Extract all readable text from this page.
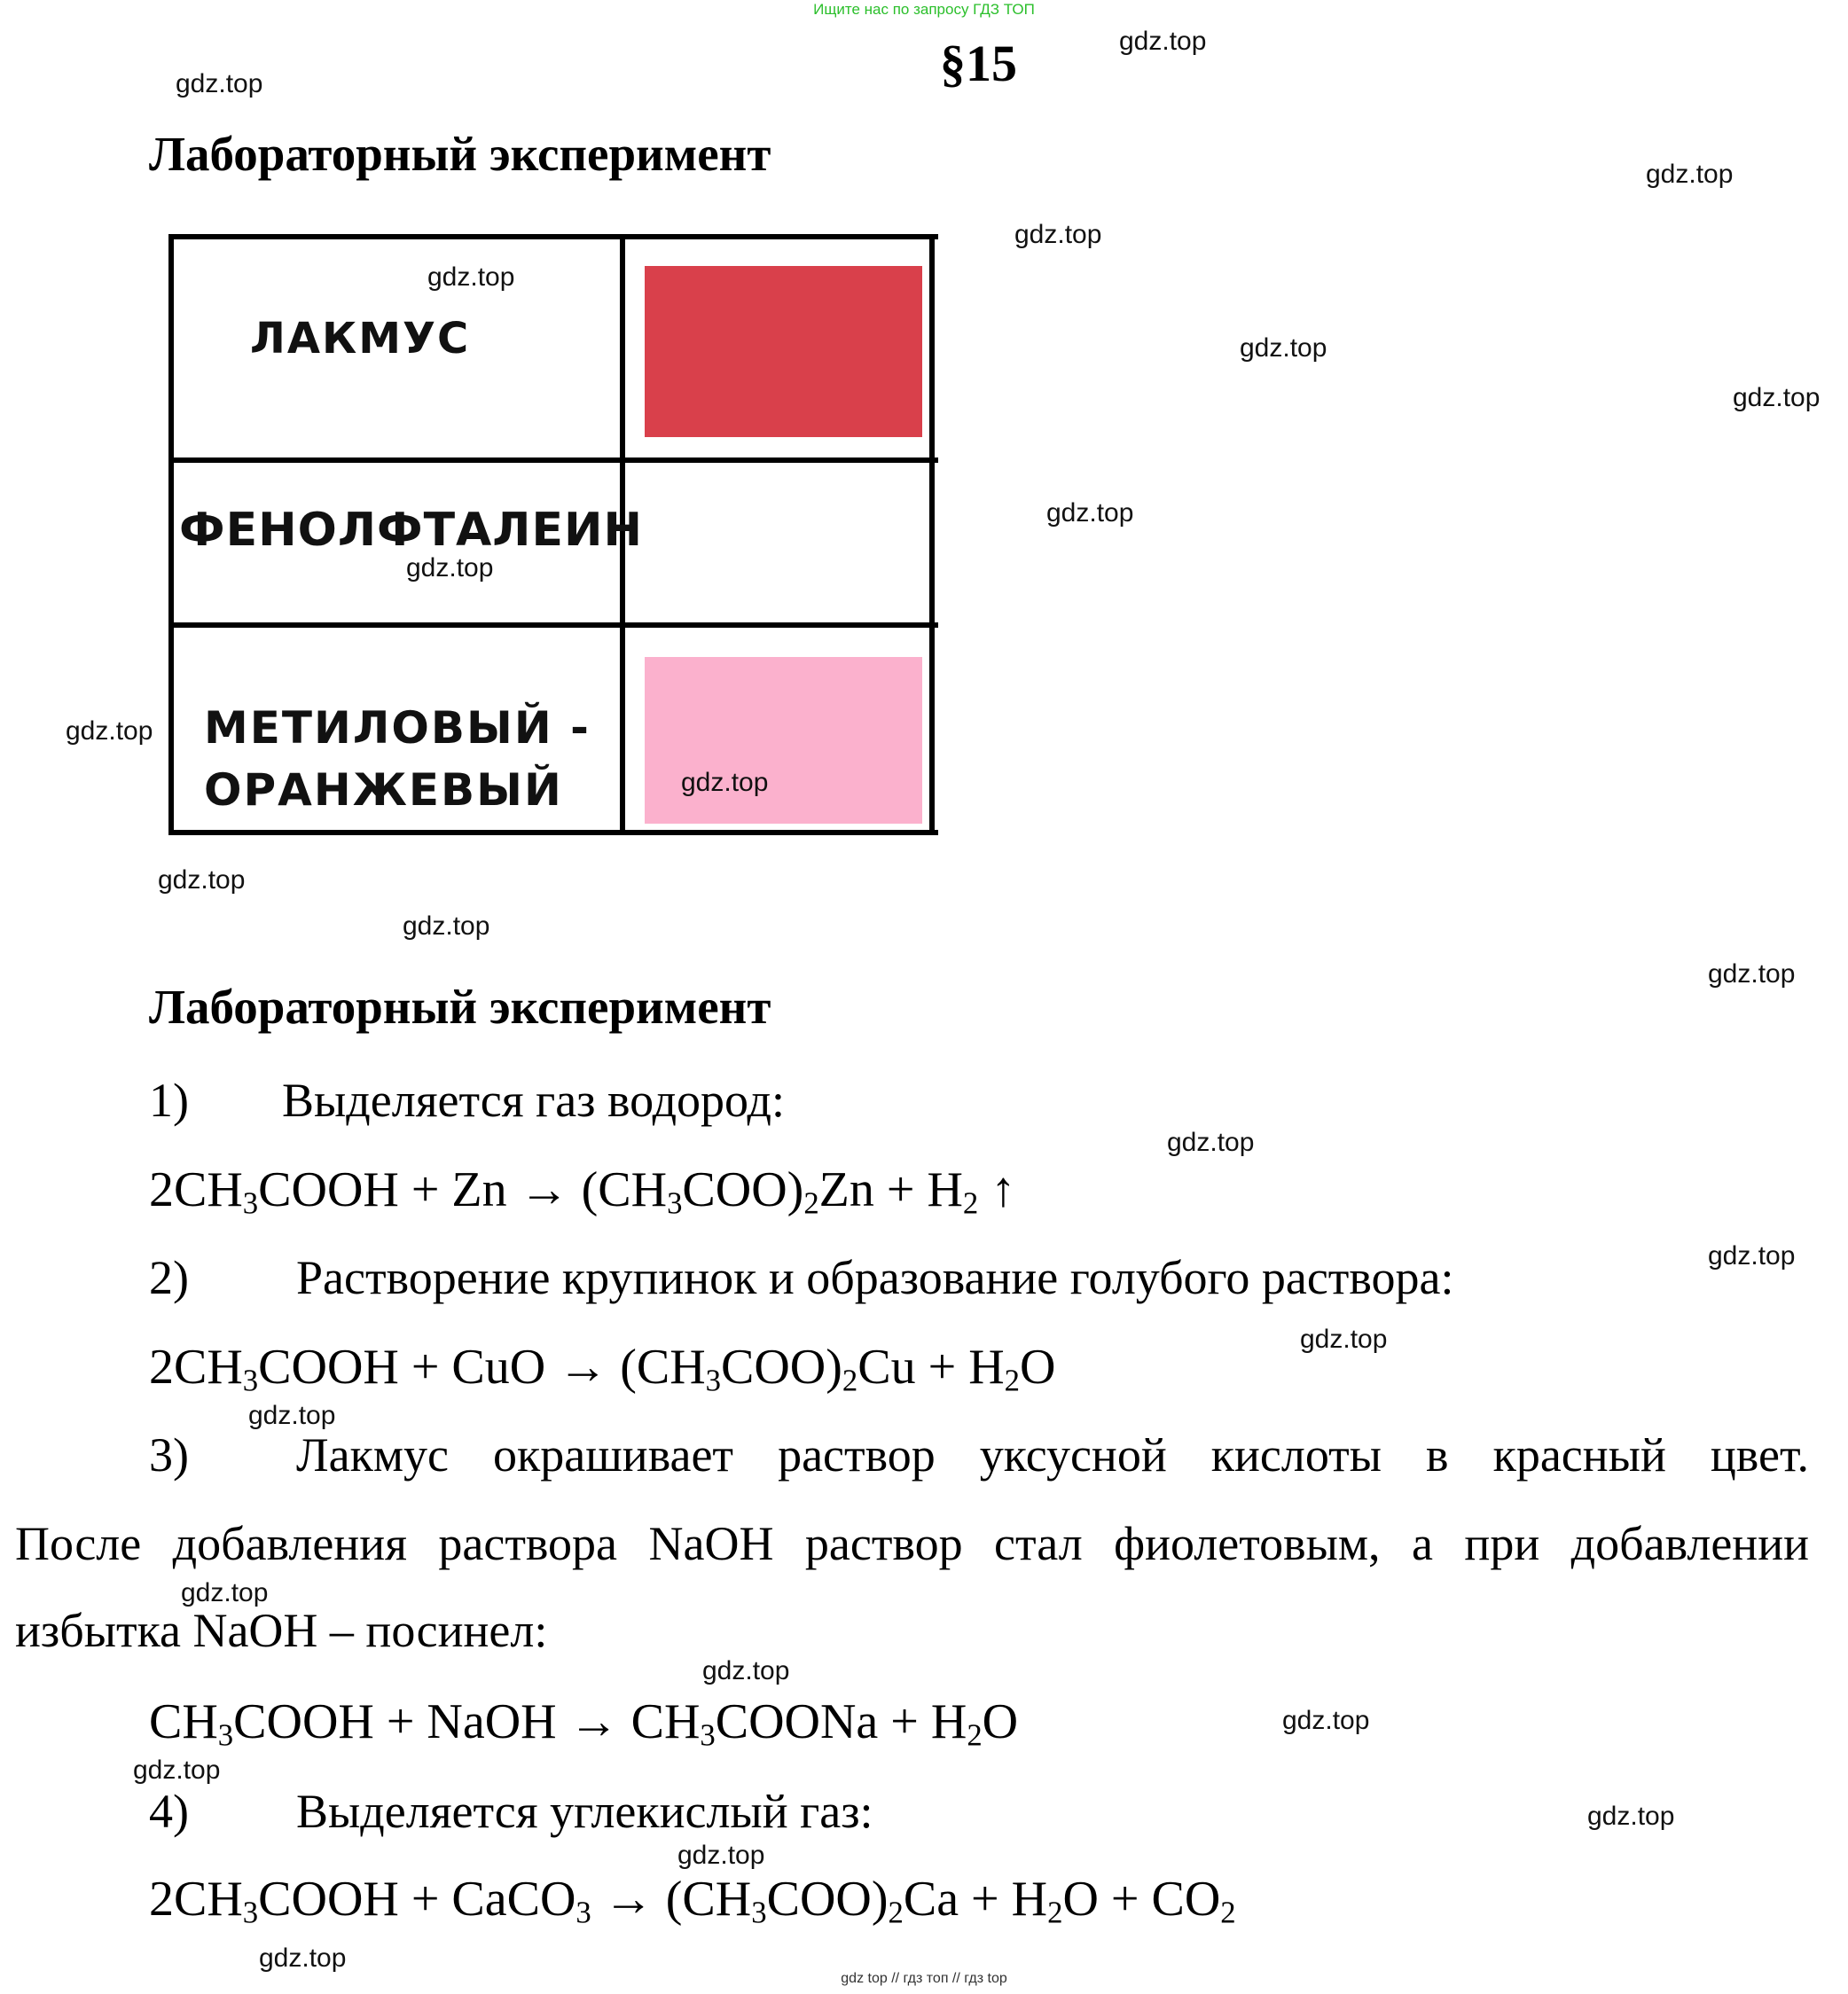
Ищите нас по запросу ГДЗ ТОП
§15
Лабораторный эксперимент
ЛАКМУС
ФЕНОЛФТАЛЕИН
МЕТИЛОВЫЙ -
ОРАНЖЕВЫЙ
Лабораторный эксперимент
1) Выделяется газ водород:
$2CH_3COOH + Zn \to (CH_3COO)_2Zn + H_2$ ↑
2) Растворение крупинок и образование голубого раствора:
$2CH_3COOH$ + CuO → $(CH_3COO)_2Cu + H_2O$
3) Лакмус окрашивает раствор уксусной кислоты в красный цвет.
После добавления раствора NaOH раствор стал фиолетовым, а при добавлении
избытка NaOH – посинел:
$CH_3COOH$ + NaOH → $CH_3COONa + H_2O$
4) Выделяется углекислый газ:
$2CH_3COOH$ + CaCO$_3$ → $(CH_3COO)_2Ca + H_2O + CO_2$
gdz.top
gdz.top
gdz.top
gdz.top
gdz.top
gdz.top
gdz.top
gdz.top
gdz.top
gdz.top
gdz.top
gdz.top
gdz.top
gdz.top
gdz.top
gdz.top
gdz.top
gdz.top
gdz.top
gdz.top
gdz.top
gdz.top
gdz.top
gdz.top
gdz.top
gdz top // гдз топ // гдз top
